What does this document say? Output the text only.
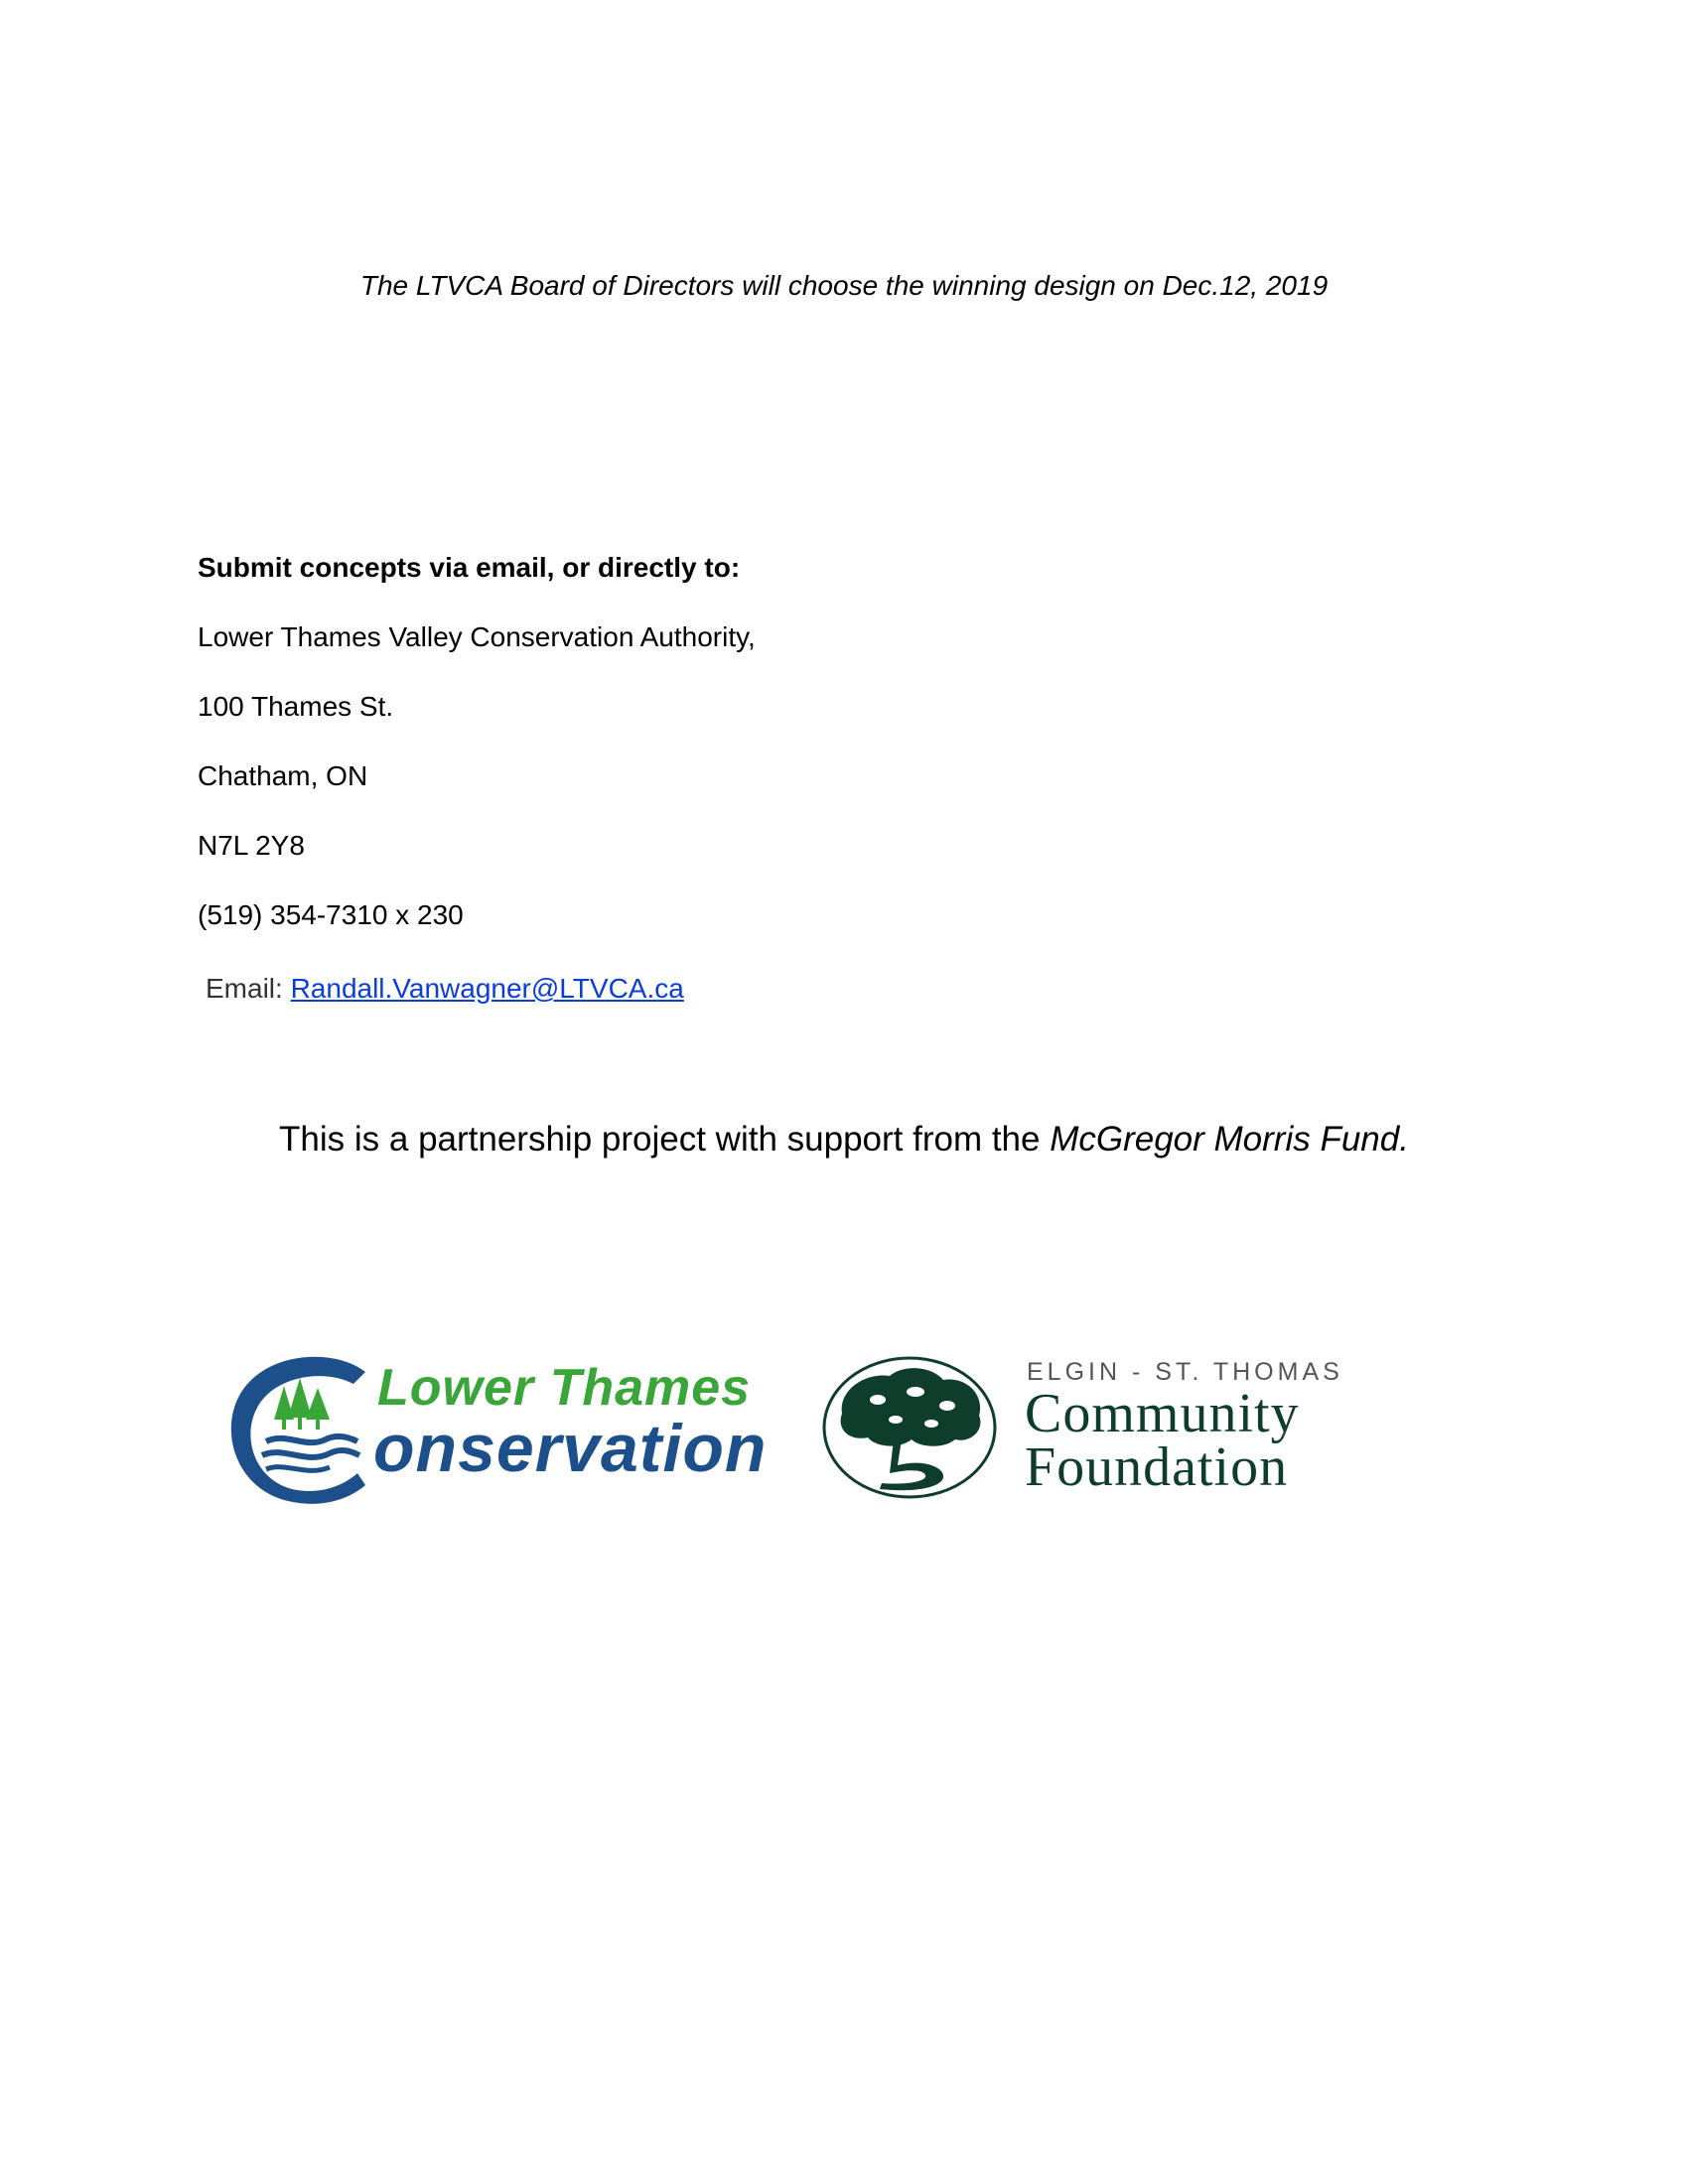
The LTVCA Board of Directors will choose the winning design on Dec.12, 2019
Submit concepts via email, or directly to:
Lower Thames Valley Conservation Authority,
100 Thames St.
Chatham, ON
N7L 2Y8
(519) 354-7310 x 230
Email: Randall.Vanwagner@LTVCA.ca
This is a partnership project with support from the McGregor Morris Fund.
Lower Thames
onservation
ELGIN - ST. THOMAS
Community
Foundation
